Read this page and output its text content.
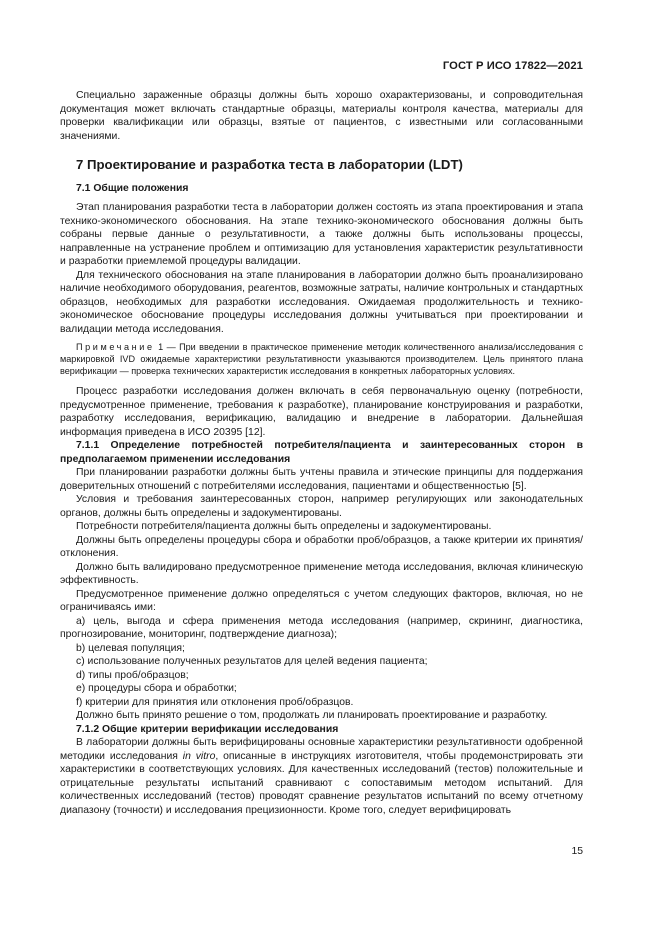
ГОСТ Р ИСО 17822—2021

Специально зараженные образцы должны быть хорошо охарактеризованы, и сопроводительная документация может включать стандартные образцы, материалы контроля качества, материалы для проверки квалификации или образцы, взятые от пациентов, с известными или согласованными значениями.

7 Проектирование и разработка теста в лаборатории (LDT)
7.1 Общие положения

Этап планирования разработки теста в лаборатории должен состоять из этапа проектирования и этапа технико-экономического обоснования. На этапе технико-экономического обоснования должны быть собраны первые данные о результативности, а также должны быть использованы процессы, направленные на устранение проблем и оптимизацию для установления характеристик результативности и разработки приемлемой процедуры валидации.

Для технического обоснования на этапе планирования в лаборатории должно быть проанализировано наличие необходимого оборудования, реагентов, возможные затраты, наличие контрольных и стандартных образцов, необходимых для разработки исследования. Ожидаемая продолжительность и технико-экономическое обоснование процедуры исследования должны учитываться при проектировании и валидации метода исследования.

Примечание 1 — При введении в практическое применение методик количественного анализа/исследования с маркировкой IVD ожидаемые характеристики результативности указываются производителем. Цель принятого плана верификации — проверка технических характеристик исследования в конкретных лабораторных условиях.

Процесс разработки исследования должен включать в себя первоначальную оценку (потребности, предусмотренное применение, требования к разработке), планирование конструирования и разработки, разработку исследования, верификацию, валидацию и внедрение в лаборатории. Дальнейшая информация приведена в ИСО 20395 [12].

7.1.1 Определение потребностей потребителя/пациента и заинтересованных сторон в предполагаемом применении исследования

При планировании разработки должны быть учтены правила и этические принципы для поддержания доверительных отношений с потребителями исследования, пациентами и общественностью [5].

Условия и требования заинтересованных сторон, например регулирующих или законодательных органов, должны быть определены и задокументированы.

Потребности потребителя/пациента должны быть определены и задокументированы.

Должны быть определены процедуры сбора и обработки проб/образцов, а также критерии их принятия/отклонения.

Должно быть валидировано предусмотренное применение метода исследования, включая клиническую эффективность.

Предусмотренное применение должно определяться с учетом следующих факторов, включая, но не ограничиваясь ими:

a) цель, выгода и сфера применения метода исследования (например, скрининг, диагностика, прогнозирование, мониторинг, подтверждение диагноза);

b) целевая популяция;

c) использование полученных результатов для целей ведения пациента;

d) типы проб/образцов;

e) процедуры сбора и обработки;

f) критерии для принятия или отклонения проб/образцов.

Должно быть принято решение о том, продолжать ли планировать проектирование и разработку.

7.1.2 Общие критерии верификации исследования

В лаборатории должны быть верифицированы основные характеристики результативности одобренной методики исследования in vitro, описанные в инструкциях изготовителя, чтобы продемонстрировать эти характеристики в соответствующих условиях. Для качественных исследований (тестов) положительные и отрицательные результаты испытаний сравнивают с сопоставимым методом испытаний. Для количественных исследований (тестов) проводят сравнение результатов испытаний по всему отчетному диапазону (точности) и исследования прецизионности. Кроме того, следует верифицировать

15
